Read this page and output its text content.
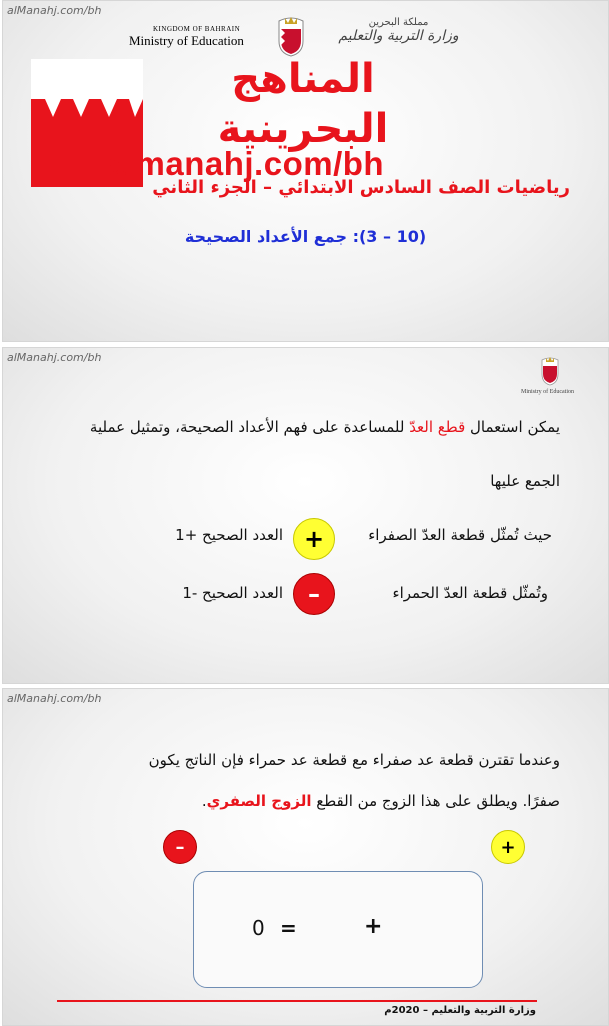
alManahj.com/bh
KINGDOM OF BAHRAIN
Ministry of Education
مملكة البحرين
وزارة التربية والتعليم
المناهج
البحرينية
almanahj.com/bh
رياضيات الصف السادس الابتدائي – الجزء الثاني
(10 – 3): جمع الأعداد الصحيحة
alManahj.com/bh
Ministry of Education
يمكن استعمال قطع العدّ للمساعدة على فهم الأعداد الصحيحة، وتمثيل عملية
الجمع عليها
حيث تُمثّل قطعة العدّ الصفراء
+
العدد الصحيح +1
وتُمثّل قطعة العدّ الحمراء
–
العدد الصحيح -1
alManahj.com/bh
وعندما تقترن قطعة عد صفراء مع قطعة عد حمراء فإن الناتج يكون
صفرًا. ويطلق على هذا الزوج من القطع الزوج الصفري.
–	+
0 =	+
وزارة التربية والتعليم – 2020م
